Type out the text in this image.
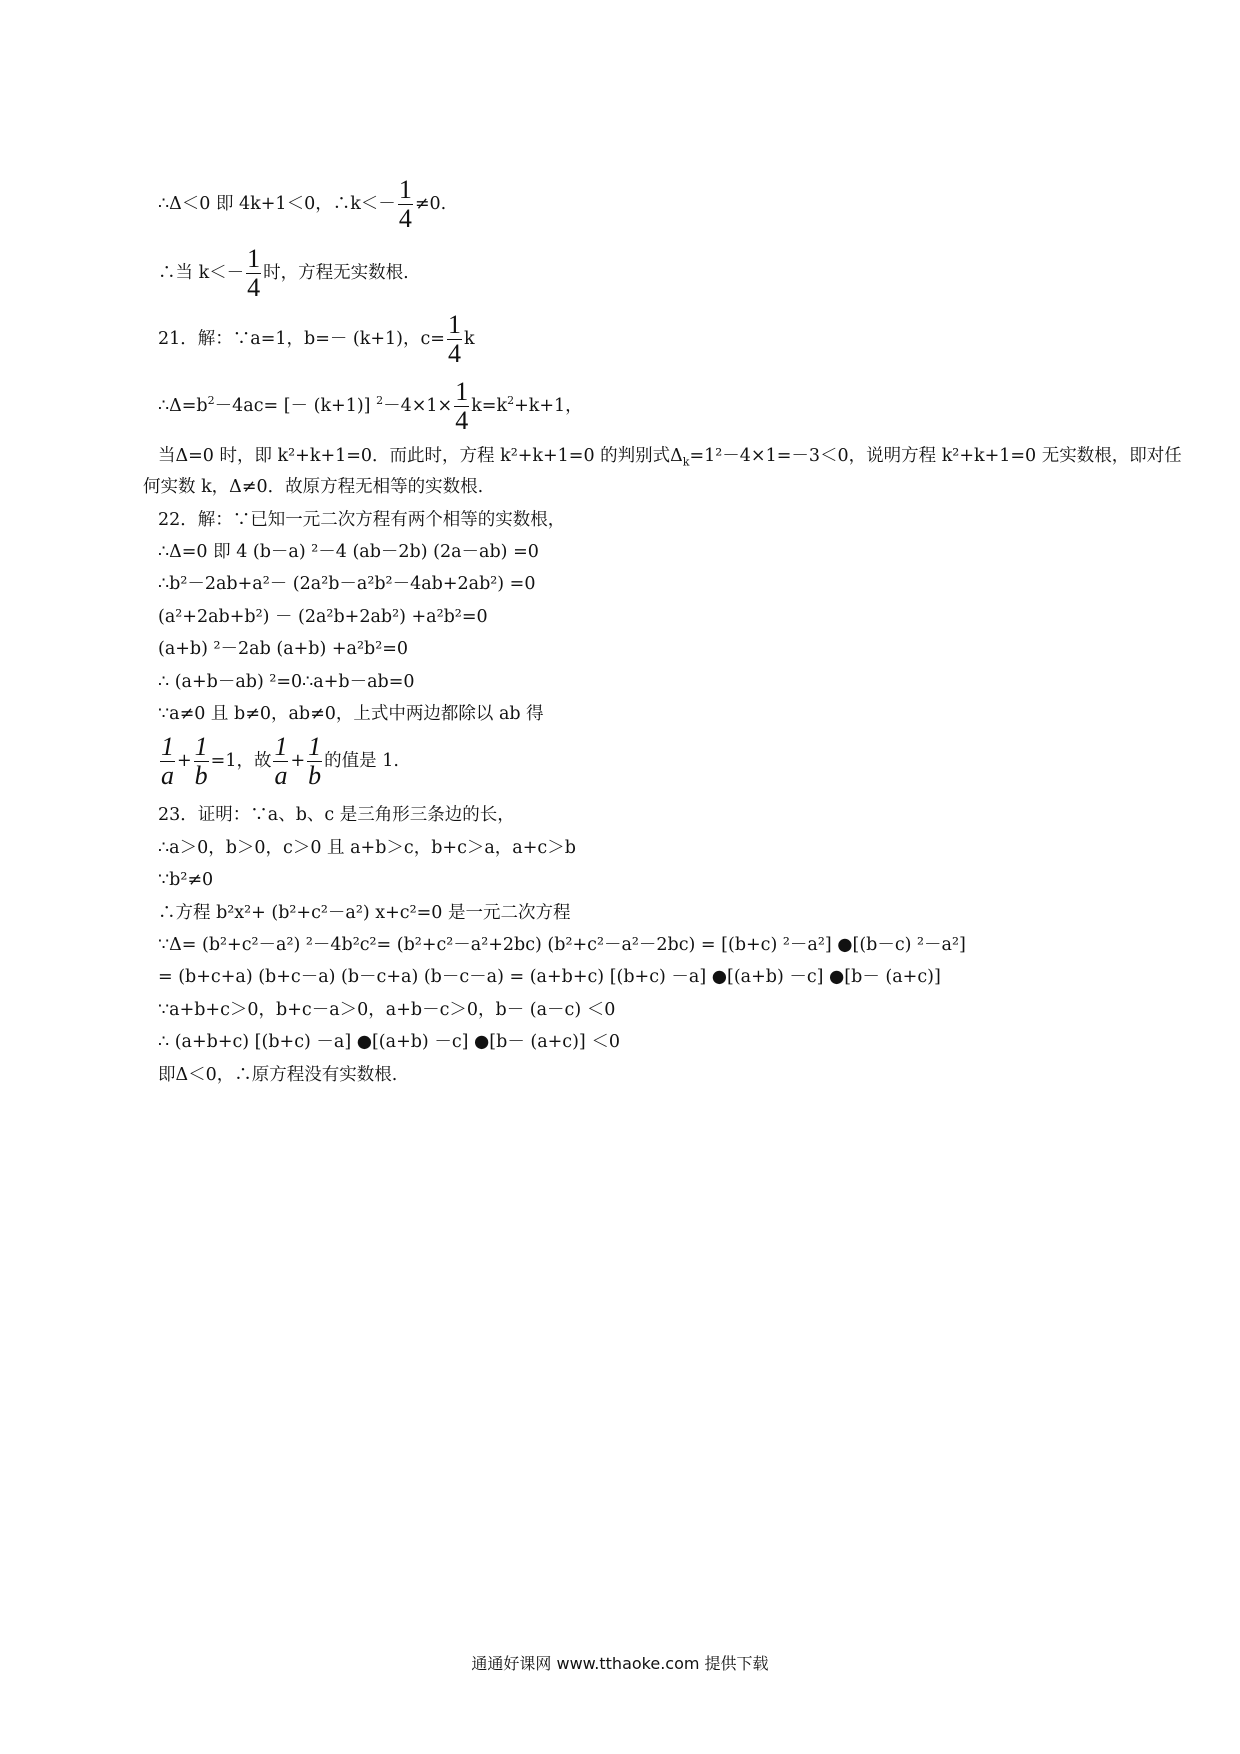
∴Δ＜0 即 4k+1＜0，∴k＜－ $\frac{1}{4} \ne 0$.
∴当 $k<- \frac{1}{4}$ 时，方程无实数根.
21．解：∵a=1，b=－ (k+1)，$c= \frac{1}{4}$ k
$\therefore\Delta=b^2-4ac=$ [－ (k+1)] $^2-4\times 1\times \frac{1}{4} k=k^2+k+1$，
当Δ=0 时，即 k²+k+1=0．而此时，方程 k²+k+1=0 的判别式$\Delta_k=1^2-4\times 1=-3<0$，说明方程 k²+k+1=0 无实数根，即对任
何实数 k，Δ≠0．故原方程无相等的实数根.
22．解：∵已知一元二次方程有两个相等的实数根，
∴Δ=0 即 4 (b－a) ²－4 (ab－2b) (2a－ab) =0
∴b²－2ab+a²－ (2a²b－a²b²－4ab+2ab²) =0
(a²+2ab+b²) － (2a²b+2ab²) +a²b²=0
(a+b) ²－2ab (a+b) +a²b²=0
∴ (a+b－ab) ²=0∴a+b－ab=0
∵a≠0 且 b≠0，ab≠0，上式中两边都除以 ab 得
$\frac{1}{a} + \frac{1}{b} =1$，故 $\frac{1}{a} + \frac{1}{b}$ 的值是 1.
23．证明：∵a、b、c 是三角形三条边的长，
∴a＞0，b＞0，c＞0 且 a+b＞c，b+c＞a，a+c＞b
∵b²≠0
∴方程 b²x²+ (b²+c²－a²) x+c²=0 是一元二次方程
∵Δ= (b²+c²－a²) ²－4b²c²= (b²+c²－a²+2bc) (b²+c²－a²－2bc) = [(b+c) ²－a²] ●[(b－c) ²－a²]
= (b+c+a) (b+c－a) (b－c+a) (b－c－a) = (a+b+c) [(b+c) －a] ●[(a+b) －c] ●[b－ (a+c)]
∵a+b+c＞0，b+c－a＞0，a+b－c＞0，b－ (a－c) ＜0
∴ (a+b+c) [(b+c) －a] ●[(a+b) －c] ●[b－ (a+c)] ＜0
即Δ＜0，∴原方程没有实数根.
通通好课网 www.tthaoke.com 提供下载
